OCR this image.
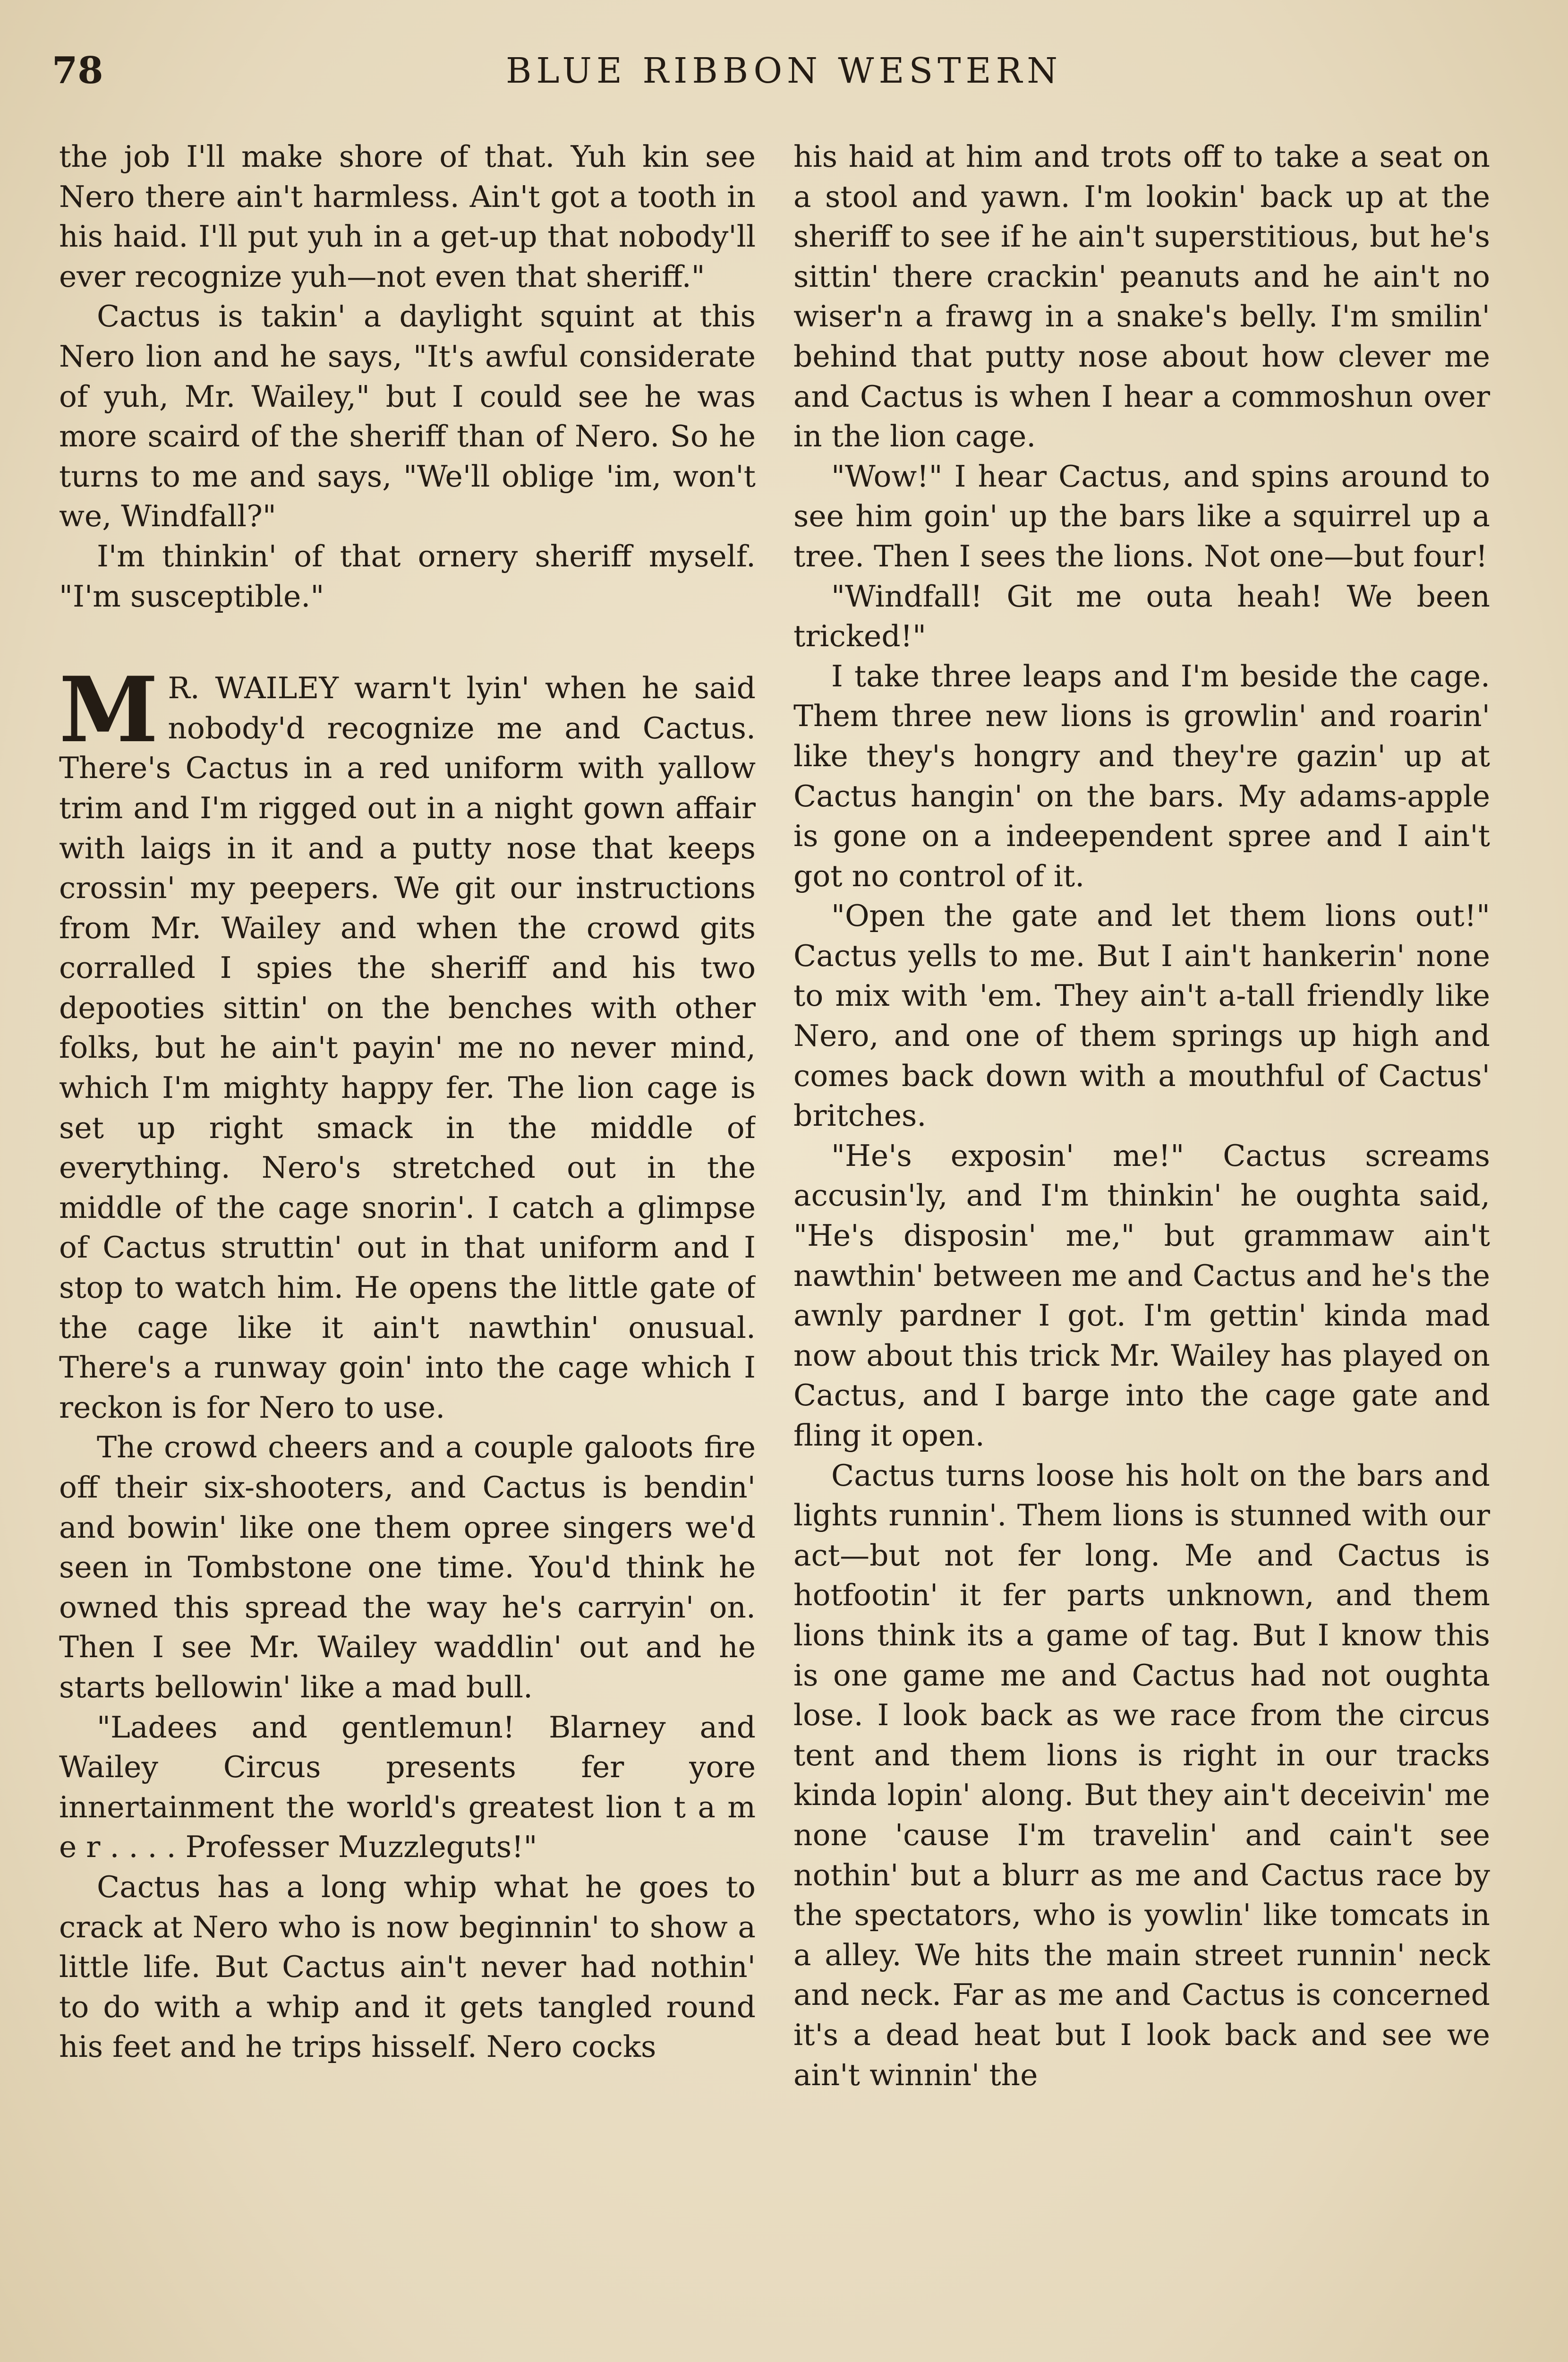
78	BLUE RIBBON WESTERN

the job I'll make shore of that. Yuh kin see Nero there ain't harmless. Ain't got a tooth in his haid. I'll put yuh in a get-up that nobody'll ever recognize yuh—not even that sheriff."

Cactus is takin' a daylight squint at this Nero lion and he says, "It's awful considerate of yuh, Mr. Wailey," but I could see he was more scaird of the sheriff than of Nero. So he turns to me and says, "We'll oblige 'im, won't we, Windfall?"

I'm thinkin' of that ornery sheriff myself. "I'm susceptible."

M R. WAILEY warn't lyin' when he said nobody'd recognize me and Cactus. There's Cactus in a red uniform with yallow trim and I'm rigged out in a night gown affair with laigs in it and a putty nose that keeps crossin' my peepers. We git our instructions from Mr. Wailey and when the crowd gits corralled I spies the sheriff and his two depooties sittin' on the benches with other folks, but he ain't payin' me no never mind, which I'm mighty happy fer. The lion cage is set up right smack in the middle of everything. Nero's stretched out in the middle of the cage snorin'. I catch a glimpse of Cactus struttin' out in that uniform and I stop to watch him. He opens the little gate of the cage like it ain't nawthin' onusual. There's a runway goin' into the cage which I reckon is for Nero to use.

The crowd cheers and a couple galoots fire off their six-shooters, and Cactus is bendin' and bowin' like one them opree singers we'd seen in Tombstone one time. You'd think he owned this spread the way he's carryin' on. Then I see Mr. Wailey waddlin' out and he starts bellowin' like a mad bull.

"Ladees and gentlemun! Blarney and Wailey Circus presents fer yore innertainment the world's greatest lion t a m e r . . . . Professer Muzzleguts!"

Cactus has a long whip what he goes to crack at Nero who is now beginnin' to show a little life. But Cactus ain't never had nothin' to do with a whip and it gets tangled round his feet and he trips hisself. Nero cocks

his haid at him and trots off to take a seat on a stool and yawn. I'm lookin' back up at the sheriff to see if he ain't superstitious, but he's sittin' there crackin' peanuts and he ain't no wiser'n a frawg in a snake's belly. I'm smilin' behind that putty nose about how clever me and Cactus is when I hear a commoshun over in the lion cage.

"Wow!" I hear Cactus, and spins around to see him goin' up the bars like a squirrel up a tree. Then I sees the lions. Not one—but four!

"Windfall! Git me outa heah! We been tricked!"

I take three leaps and I'm beside the cage. Them three new lions is growlin' and roarin' like they's hongry and they're gazin' up at Cactus hangin' on the bars. My adams-apple is gone on a indeependent spree and I ain't got no control of it.

"Open the gate and let them lions out!" Cactus yells to me. But I ain't hankerin' none to mix with 'em. They ain't a-tall friendly like Nero, and one of them springs up high and comes back down with a mouthful of Cactus' britches.

"He's exposin' me!" Cactus screams accusin'ly, and I'm thinkin' he oughta said, "He's disposin' me," but grammaw ain't nawthin' between me and Cactus and he's the awnly pardner I got. I'm gettin' kinda mad now about this trick Mr. Wailey has played on Cactus, and I barge into the cage gate and fling it open.

Cactus turns loose his holt on the bars and lights runnin'. Them lions is stunned with our act—but not fer long. Me and Cactus is hotfootin' it fer parts unknown, and them lions think its a game of tag. But I know this is one game me and Cactus had not oughta lose. I look back as we race from the circus tent and them lions is right in our tracks kinda lopin' along. But they ain't deceivin' me none 'cause I'm travelin' and cain't see nothin' but a blurr as me and Cactus race by the spectators, who is yowlin' like tomcats in a alley. We hits the main street runnin' neck and neck. Far as me and Cactus is concerned it's a dead heat but I look back and see we ain't winnin' the
